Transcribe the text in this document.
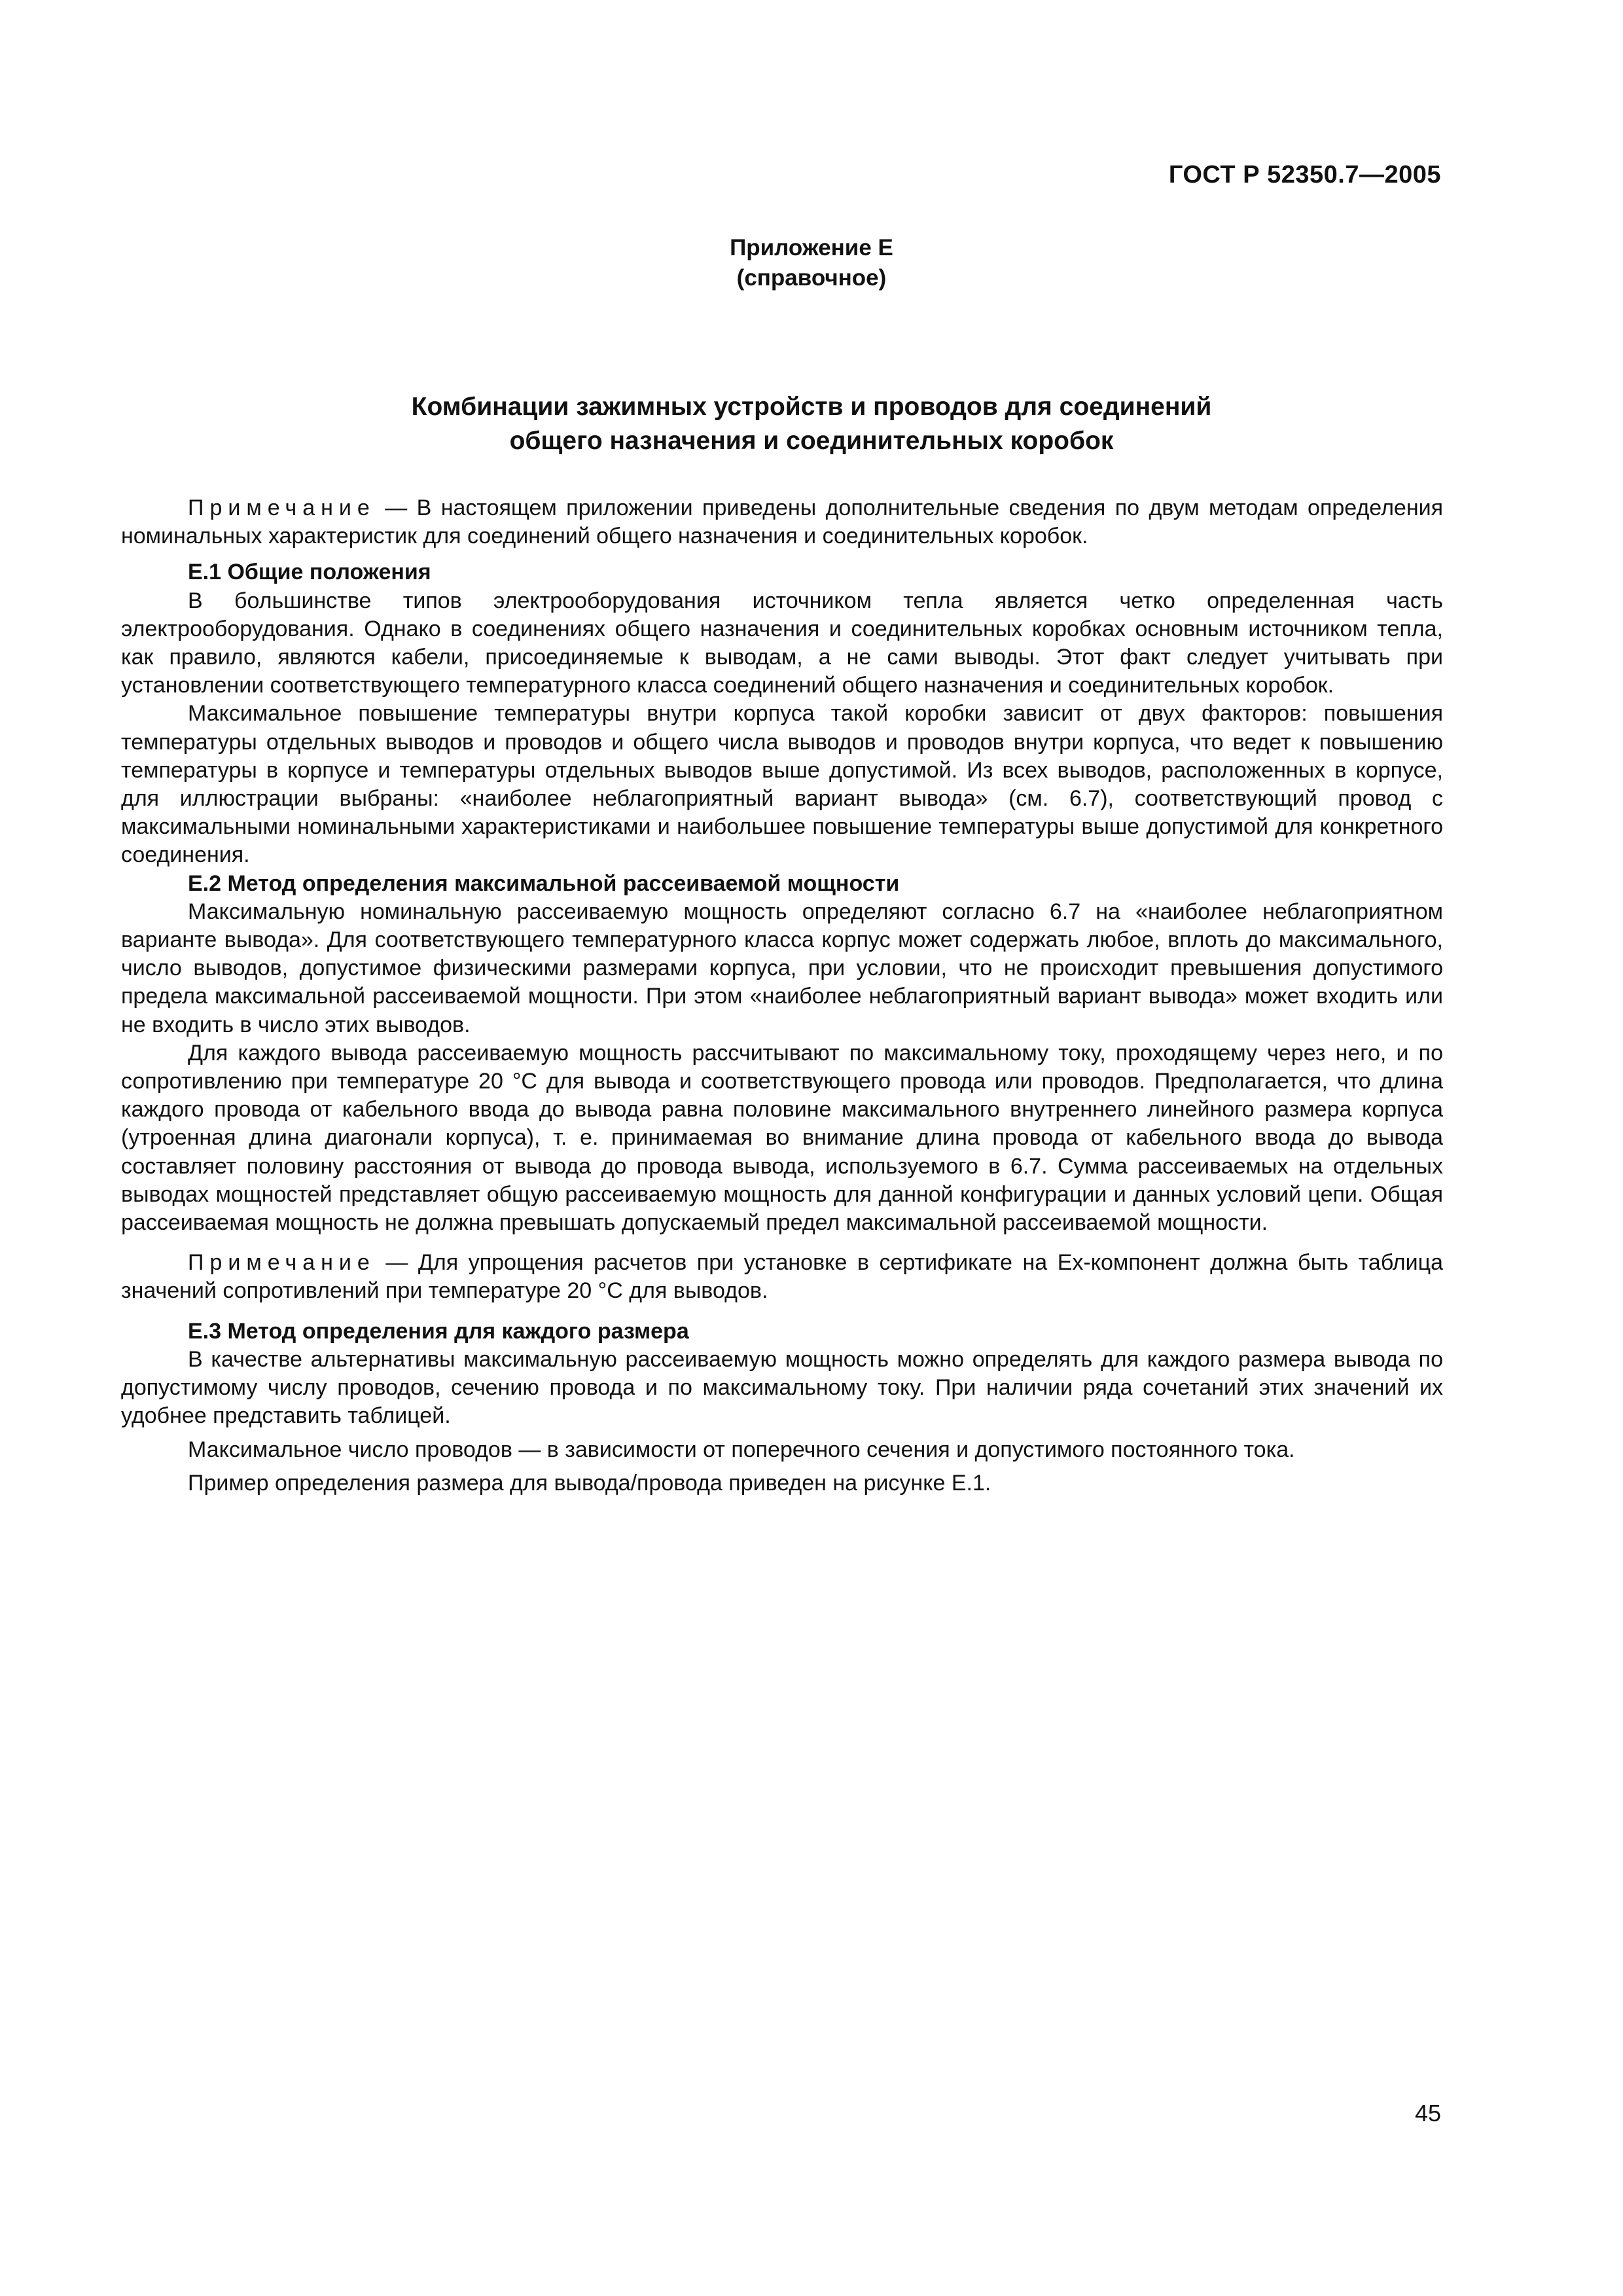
ГОСТ Р 52350.7—2005
Приложение Е
(справочное)
Комбинации зажимных устройств и проводов для соединений
общего назначения и соединительных коробок

Примечание — В настоящем приложении приведены дополнительные сведения по двум методам определения номинальных характеристик для соединений общего назначения и соединительных коробок.

Е.1 Общие положения

В большинстве типов электрооборудования источником тепла является четко определенная часть электрооборудования. Однако в соединениях общего назначения и соединительных коробках основным источником тепла, как правило, являются кабели, присоединяемые к выводам, а не сами выводы. Этот факт следует учитывать при установлении соответствующего температурного класса соединений общего назначения и соединительных коробок.

Максимальное повышение температуры внутри корпуса такой коробки зависит от двух факторов: повышения температуры отдельных выводов и проводов и общего числа выводов и проводов внутри корпуса, что ведет к повышению температуры в корпусе и температуры отдельных выводов выше допустимой. Из всех выводов, расположенных в корпусе, для иллюстрации выбраны: «наиболее неблагоприятный вариант вывода» (см. 6.7), соответствующий провод с максимальными номинальными характеристиками и наибольшее повышение температуры выше допустимой для конкретного соединения.

Е.2 Метод определения максимальной рассеиваемой мощности

Максимальную номинальную рассеиваемую мощность определяют согласно 6.7 на «наиболее неблагоприятном варианте вывода». Для соответствующего температурного класса корпус может содержать любое, вплоть до максимального, число выводов, допустимое физическими размерами корпуса, при условии, что не происходит превышения допустимого предела максимальной рассеиваемой мощности. При этом «наиболее неблагоприятный вариант вывода» может входить или не входить в число этих выводов.

Для каждого вывода рассеиваемую мощность рассчитывают по максимальному току, проходящему через него, и по сопротивлению при температуре 20 °С для вывода и соответствующего провода или проводов. Предполагается, что длина каждого провода от кабельного ввода до вывода равна половине максимального внутреннего линейного размера корпуса (утроенная длина диагонали корпуса), т. е. принимаемая во внимание длина провода от кабельного ввода до вывода составляет половину расстояния от вывода до провода вывода, используемого в 6.7. Сумма рассеиваемых на отдельных выводах мощностей представляет общую рассеиваемую мощность для данной конфигурации и данных условий цепи. Общая рассеиваемая мощность не должна превышать допускаемый предел максимальной рассеиваемой мощности.

Примечание — Для упрощения расчетов при установке в сертификате на Ех-компонент должна быть таблица значений сопротивлений при температуре 20 °С для выводов.

Е.3 Метод определения для каждого размера

В качестве альтернативы максимальную рассеиваемую мощность можно определять для каждого размера вывода по допустимому числу проводов, сечению провода и по максимальному току. При наличии ряда сочетаний этих значений их удобнее представить таблицей.

Максимальное число проводов — в зависимости от поперечного сечения и допустимого постоянного тока.

Пример определения размера для вывода/провода приведен на рисунке Е.1.

45
